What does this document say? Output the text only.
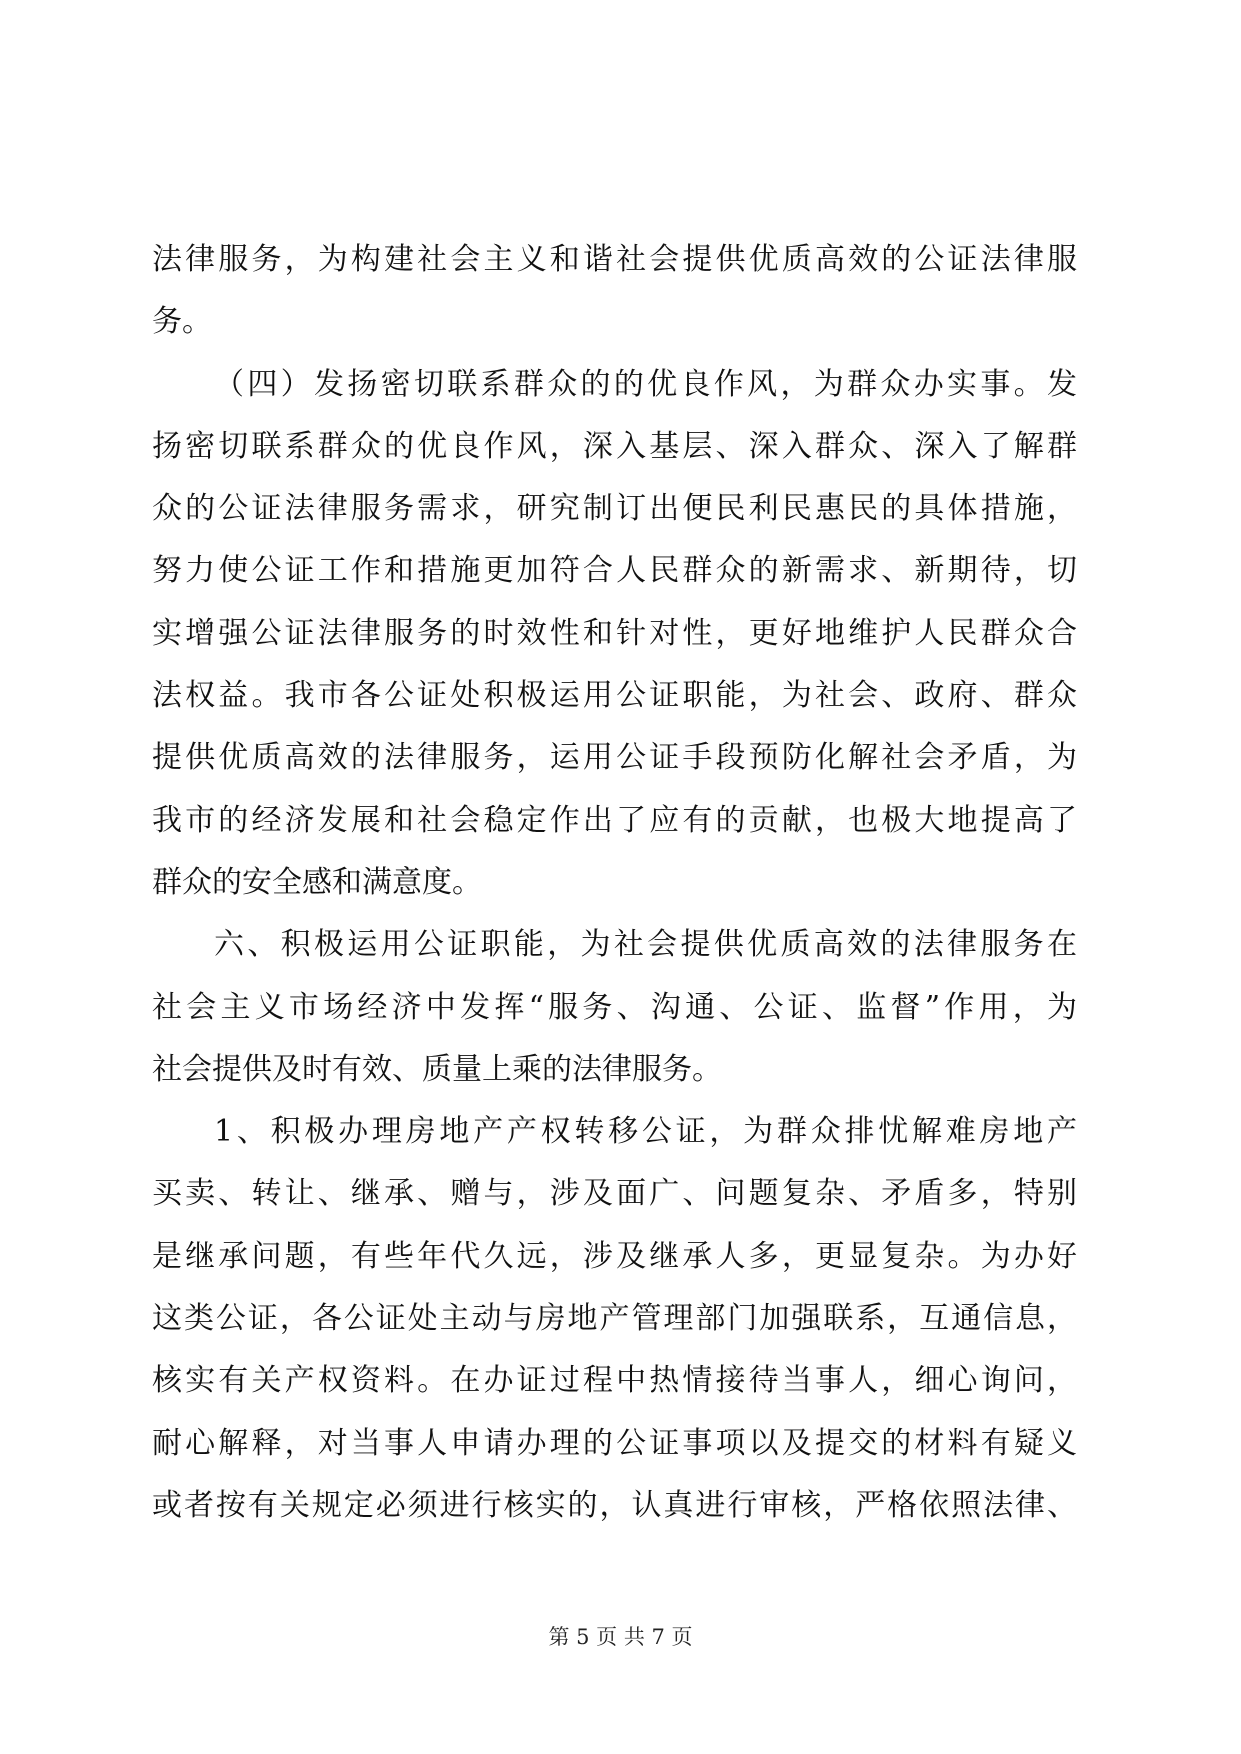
法律服务，为构建社会主义和谐社会提供优质高效的公证法律服
务。
（四）发扬密切联系群众的的优良作风，为群众办实事。发
扬密切联系群众的优良作风，深入基层、深入群众、深入了解群
众的公证法律服务需求，研究制订出便民利民惠民的具体措施，
努力使公证工作和措施更加符合人民群众的新需求、新期待，切
实增强公证法律服务的时效性和针对性，更好地维护人民群众合
法权益。我市各公证处积极运用公证职能，为社会、政府、群众
提供优质高效的法律服务，运用公证手段预防化解社会矛盾，为
我市的经济发展和社会稳定作出了应有的贡献，也极大地提高了
群众的安全感和满意度。
六、积极运用公证职能，为社会提供优质高效的法律服务在
社会主义市场经济中发挥“服务、沟通、公证、监督”作用，为
社会提供及时有效、质量上乘的法律服务。
1、积极办理房地产产权转移公证，为群众排忧解难房地产
买卖、转让、继承、赠与，涉及面广、问题复杂、矛盾多，特别
是继承问题，有些年代久远，涉及继承人多，更显复杂。为办好
这类公证，各公证处主动与房地产管理部门加强联系，互通信息，
核实有关产权资料。在办证过程中热情接待当事人，细心询问，
耐心解释，对当事人申请办理的公证事项以及提交的材料有疑义
或者按有关规定必须进行核实的，认真进行审核，严格依照法律、
第 5 页 共 7 页
